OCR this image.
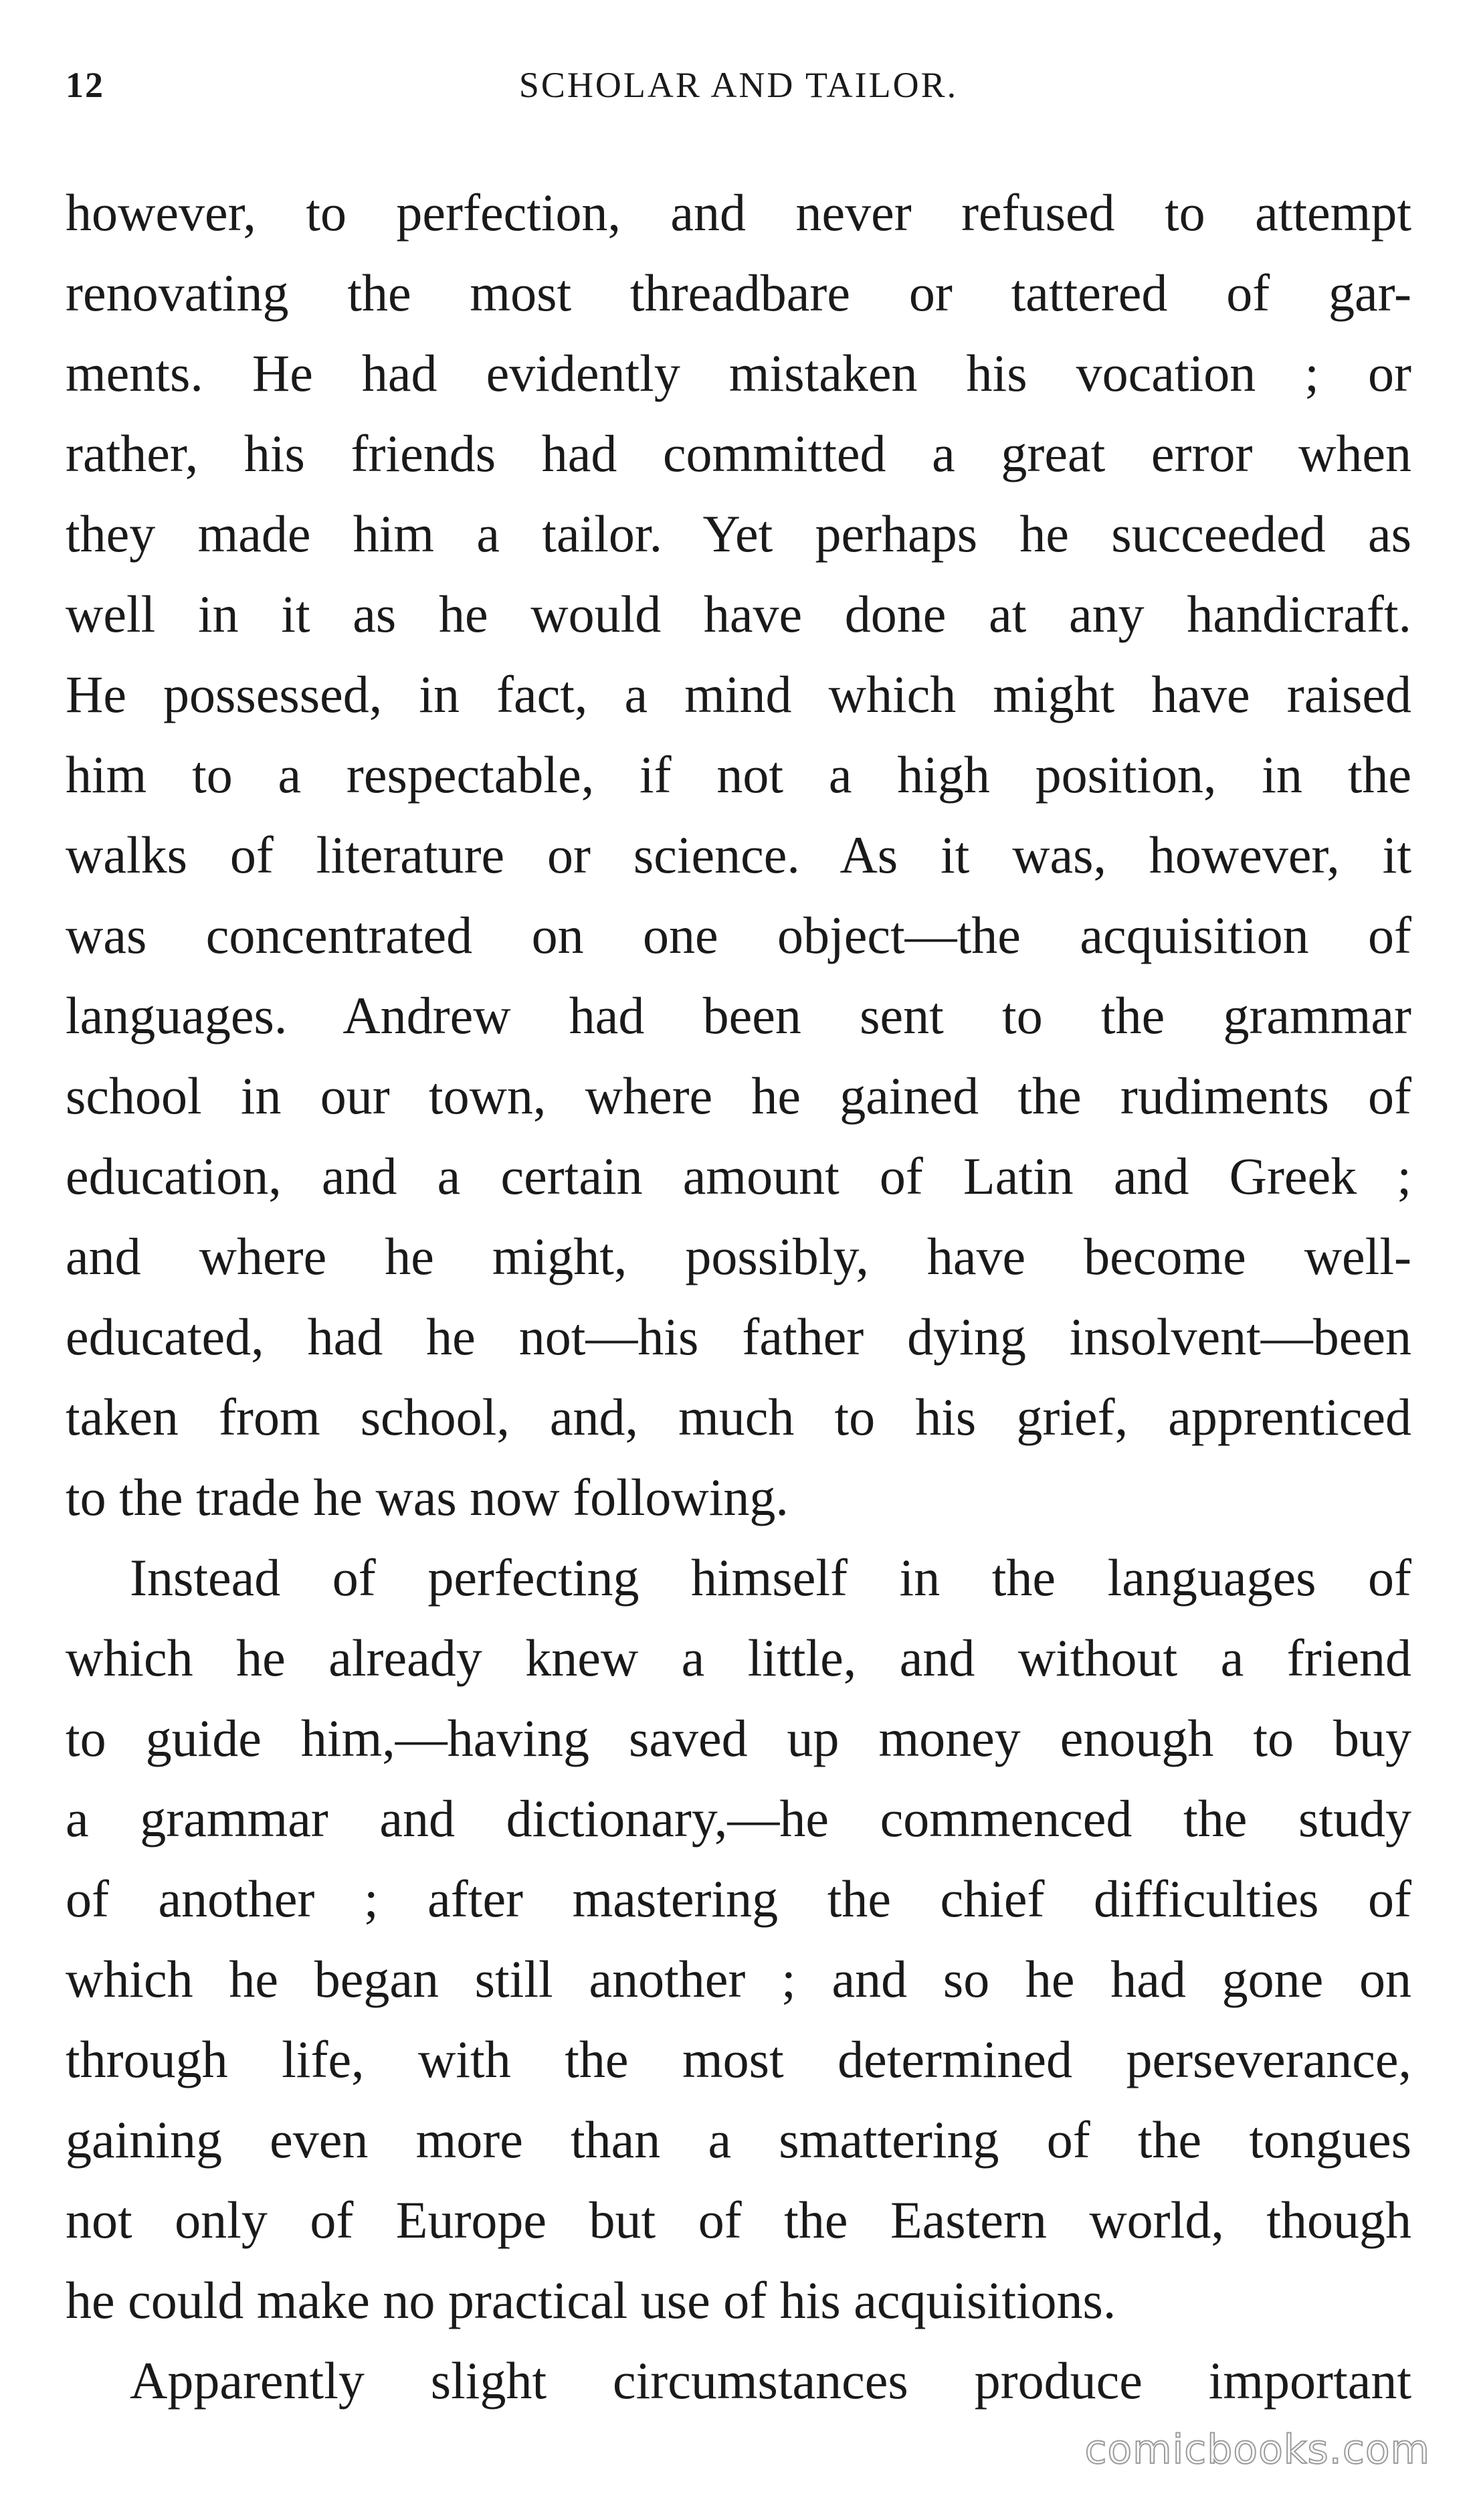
12	SCHOLAR AND TAILOR.
however, to perfection, and never refused to attempt
renovating the most threadbare or tattered of gar-
ments. He had evidently mistaken his vocation ; or
rather, his friends had committed a great error when
they made him a tailor. Yet perhaps he succeeded as
well in it as he would have done at any handicraft.
He possessed, in fact, a mind which might have raised
him to a respectable, if not a high position, in the
walks of literature or science. As it was, however, it
was concentrated on one object—the acquisition of
languages. Andrew had been sent to the grammar
school in our town, where he gained the rudiments of
education, and a certain amount of Latin and Greek ;
and where he might, possibly, have become well-
educated, had he not—his father dying insolvent—been
taken from school, and, much to his grief, apprenticed
to the trade he was now following.
Instead of perfecting himself in the languages of
which he already knew a little, and without a friend
to guide him,—having saved up money enough to buy
a grammar and dictionary,—he commenced the study
of another ; after mastering the chief difficulties of
which he began still another ; and so he had gone on
through life, with the most determined perseverance,
gaining even more than a smattering of the tongues
not only of Europe but of the Eastern world, though
he could make no practical use of his acquisitions.
Apparently slight circumstances produce important
comicbooks.com
